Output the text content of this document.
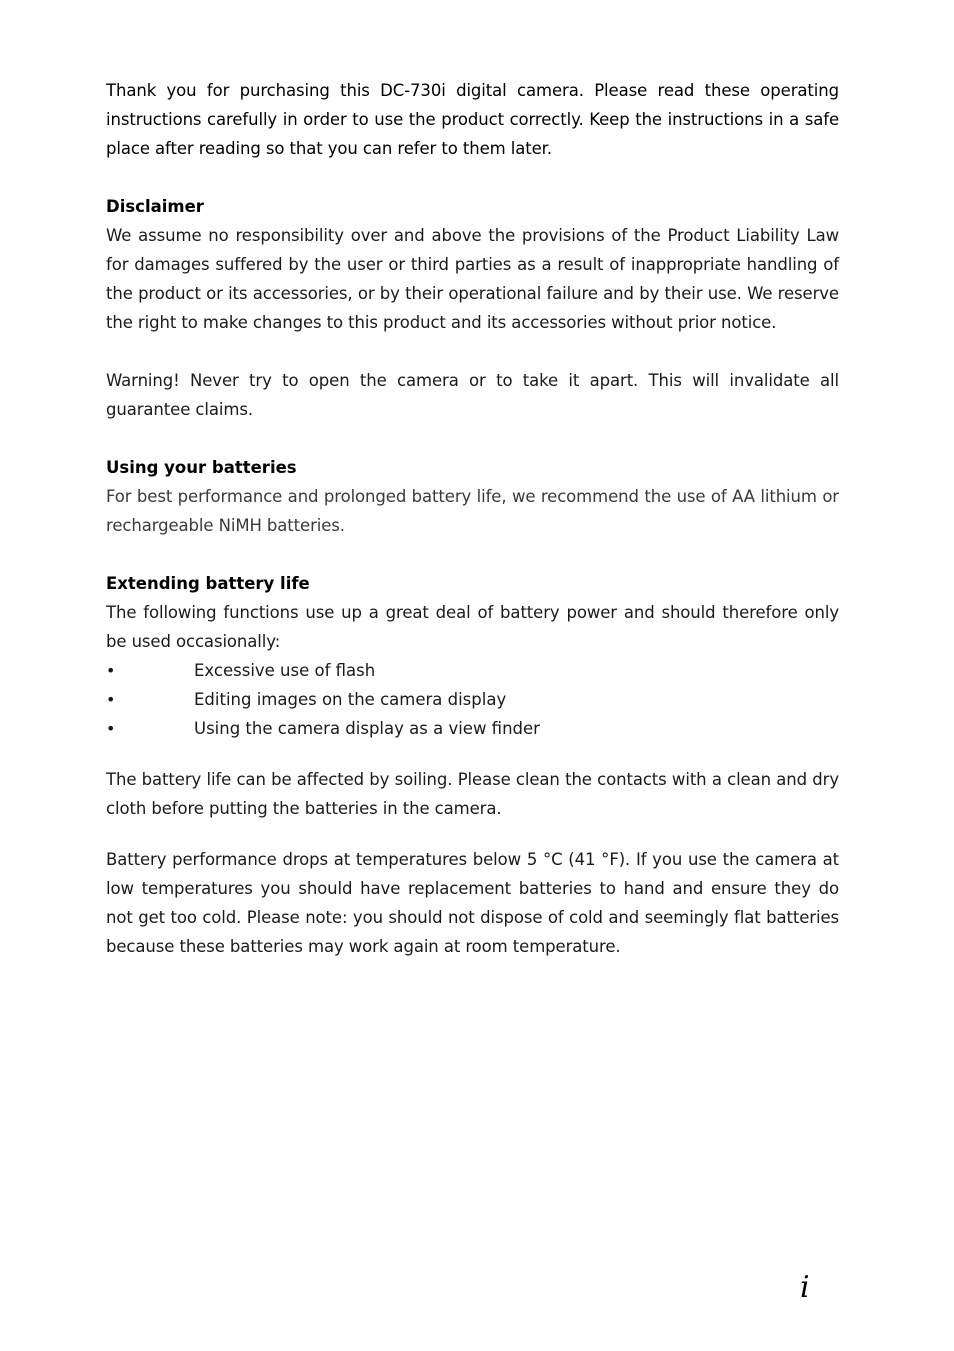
Thank you for purchasing this DC-730i digital camera. Please read these operating instructions carefully in order to use the product correctly. Keep the instructions in a safe place after reading so that you can refer to them later.

Disclaimer

We assume no responsibility over and above the provisions of the Product Liability Law for damages suffered by the user or third parties as a result of inappropriate handling of the product or its accessories, or by their operational failure and by their use. We reserve the right to make changes to this product and its accessories without prior notice.

Warning! Never try to open the camera or to take it apart. This will invalidate all guarantee claims.

Using your batteries

For best performance and prolonged battery life, we recommend the use of AA lithium or rechargeable NiMH batteries.

Extending battery life

The following functions use up a great deal of battery power and should therefore only be used occasionally:

•	Excessive use of flash
•	Editing images on the camera display
•	Using the camera display as a view finder

The battery life can be affected by soiling. Please clean the contacts with a clean and dry cloth before putting the batteries in the camera.

Battery performance drops at temperatures below 5 °C (41 °F). If you use the camera at low temperatures you should have replacement batteries to hand and ensure they do not get too cold. Please note: you should not dispose of cold and seemingly flat batteries because these batteries may work again at room temperature.

i
